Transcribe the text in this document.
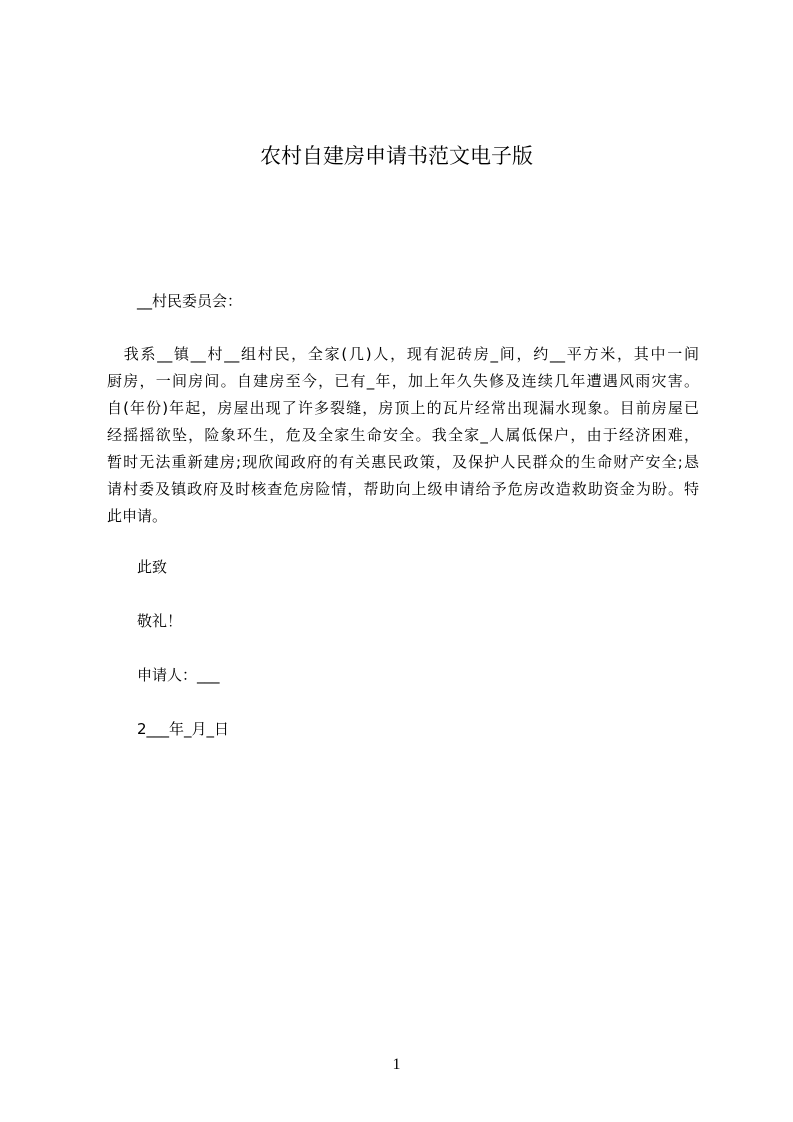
农村自建房申请书范文电子版
__村民委员会：
　我系__镇__村__组村民，全家(几)人，现有泥砖房_间，约__平方米，其中一间
厨房，一间房间。自建房至今，已有_年，加上年久失修及连续几年遭遇风雨灾害。
自(年份)年起，房屋出现了许多裂缝，房顶上的瓦片经常出现漏水现象。目前房屋已
经摇摇欲坠，险象环生，危及全家生命安全。我全家_人属低保户，由于经济困难，
暂时无法重新建房;现欣闻政府的有关惠民政策，及保护人民群众的生命财产安全;恳
请村委及镇政府及时核查危房险情，帮助向上级申请给予危房改造救助资金为盼。特
此申请。
此致
敬礼！
申请人：___
2___年_月_日
1
